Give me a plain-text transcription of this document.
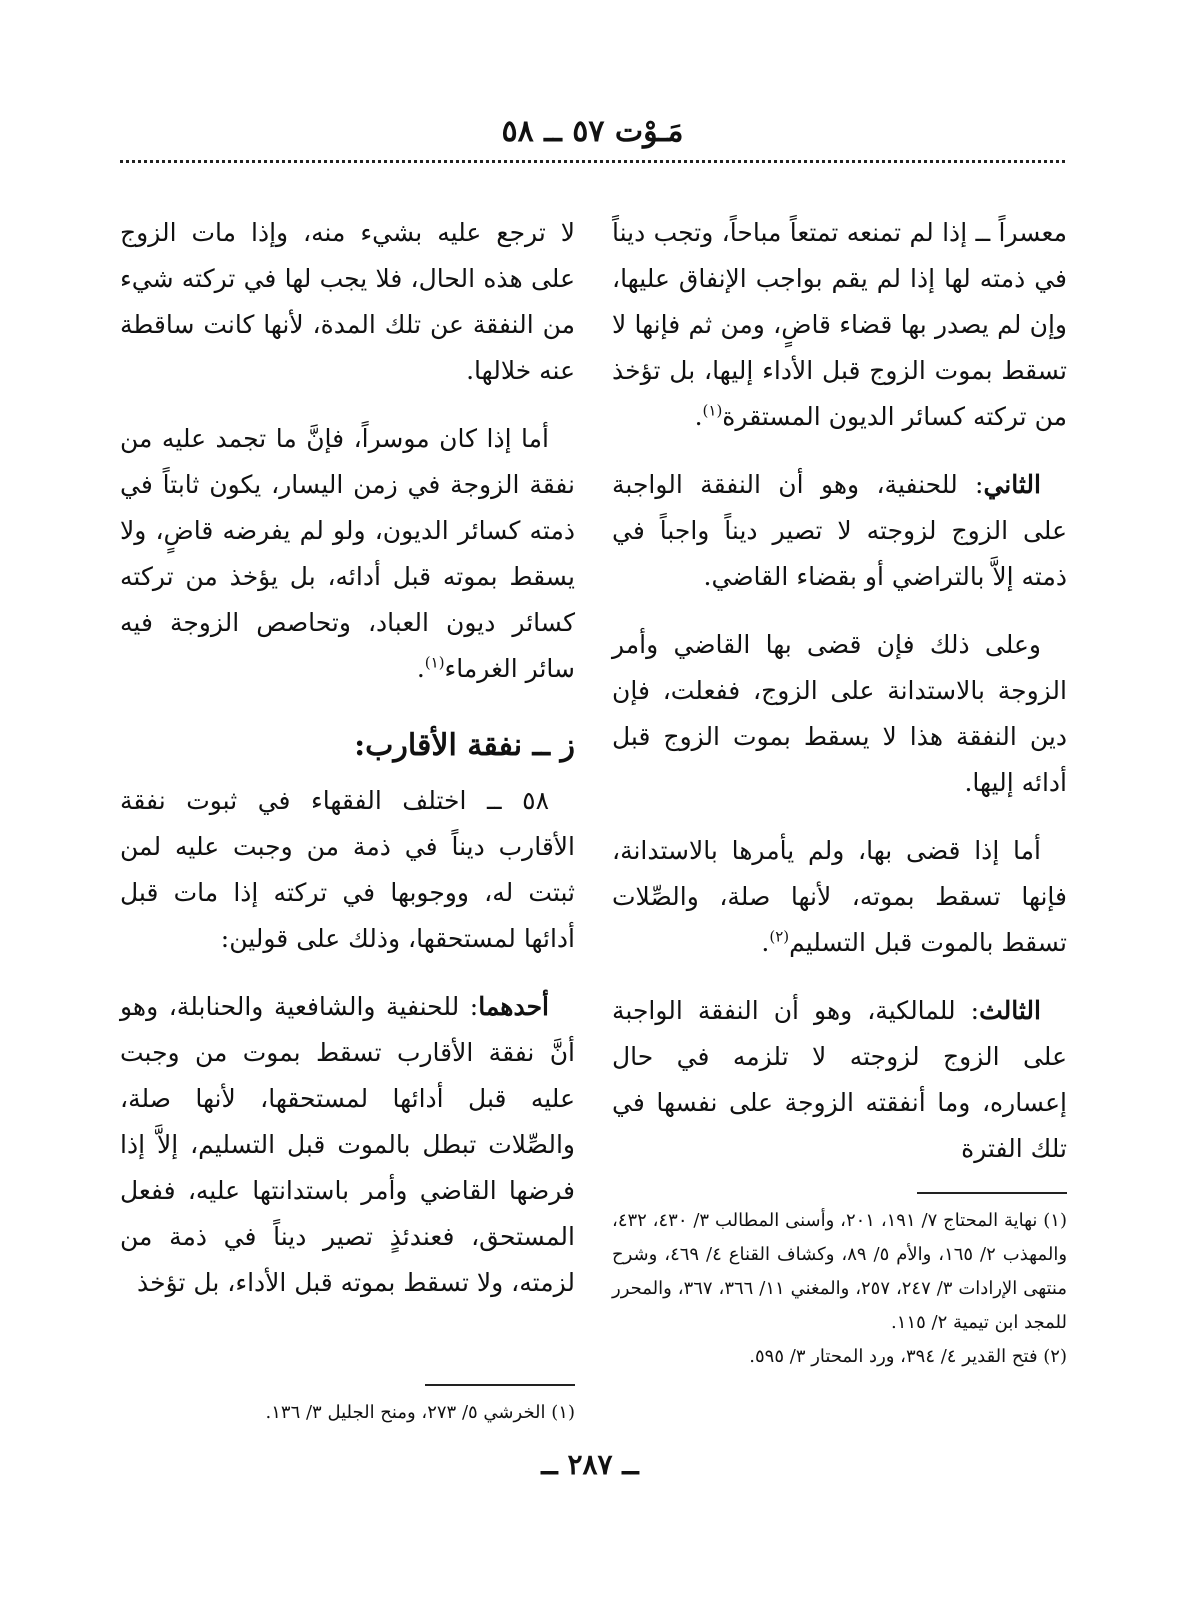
مَـوْت ٥٧ ــ ٥٨

معسراً ــ إذا لم تمنعه تمتعاً مباحاً، وتجب ديناً في ذمته لها إذا لم يقم بواجب الإنفاق عليها، وإن لم يصدر بها قضاء قاضٍ، ومن ثم فإنها لا تسقط بموت الزوج قبل الأداء إليها، بل تؤخذ من تركته كسائر الديون المستقرة$^{(١)}$.

الثاني: للحنفية، وهو أن النفقة الواجبة على الزوج لزوجته لا تصير ديناً واجباً في ذمته إلاَّ بالتراضي أو بقضاء القاضي.

وعلى ذلك فإن قضى بها القاضي وأمر الزوجة بالاستدانة على الزوج، ففعلت، فإن دين النفقة هذا لا يسقط بموت الزوج قبل أدائه إليها.

أما إذا قضى بها، ولم يأمرها بالاستدانة، فإنها تسقط بموته، لأنها صلة، والصِّلات تسقط بالموت قبل التسليم$^{(٢)}$.

الثالث: للمالكية، وهو أن النفقة الواجبة على الزوج لزوجته لا تلزمه في حال إعساره، وما أنفقته الزوجة على نفسها في تلك الفترة

لا ترجع عليه بشيء منه، وإذا مات الزوج على هذه الحال، فلا يجب لها في تركته شيء من النفقة عن تلك المدة، لأنها كانت ساقطة عنه خلالها.

أما إذا كان موسراً، فإنَّ ما تجمد عليه من نفقة الزوجة في زمن اليسار، يكون ثابتاً في ذمته كسائر الديون، ولو لم يفرضه قاضٍ، ولا يسقط بموته قبل أدائه، بل يؤخذ من تركته كسائر ديون العباد، وتحاصص الزوجة فيه سائر الغرماء$^{(١)}$.

ز ــ نفقة الأقارب:

٥٨ ــ اختلف الفقهاء في ثبوت نفقة الأقارب ديناً في ذمة من وجبت عليه لمن ثبتت له، ووجوبها في تركته إذا مات قبل أدائها لمستحقها، وذلك على قولين:

أحدهما: للحنفية والشافعية والحنابلة، وهو أنَّ نفقة الأقارب تسقط بموت من وجبت عليه قبل أدائها لمستحقها، لأنها صلة، والصِّلات تبطل بالموت قبل التسليم، إلاَّ إذا فرضها القاضي وأمر باستدانتها عليه، ففعل المستحق، فعندئذٍ تصير ديناً في ذمة من لزمته، ولا تسقط بموته قبل الأداء، بل تؤخذ

(١) نهاية المحتاج ٧/ ١٩١، ٢٠١، وأسنى المطالب ٣/ ٤٣٠، ٤٣٢، والمهذب ٢/ ١٦٥، والأم ٥/ ٨٩، وكشاف القناع ٤/ ٤٦٩، وشرح منتهى الإرادات ٣/ ٢٤٧، ٢٥٧، والمغني ١١/ ٣٦٦، ٣٦٧، والمحرر للمجد ابن تيمية ٢/ ١١٥.

(٢) فتح القدير ٤/ ٣٩٤، ورد المحتار ٣/ ٥٩٥.

(١) الخرشي ٥/ ٢٧٣، ومنح الجليل ٣/ ١٣٦.

ــ ٢٨٧ ــ
